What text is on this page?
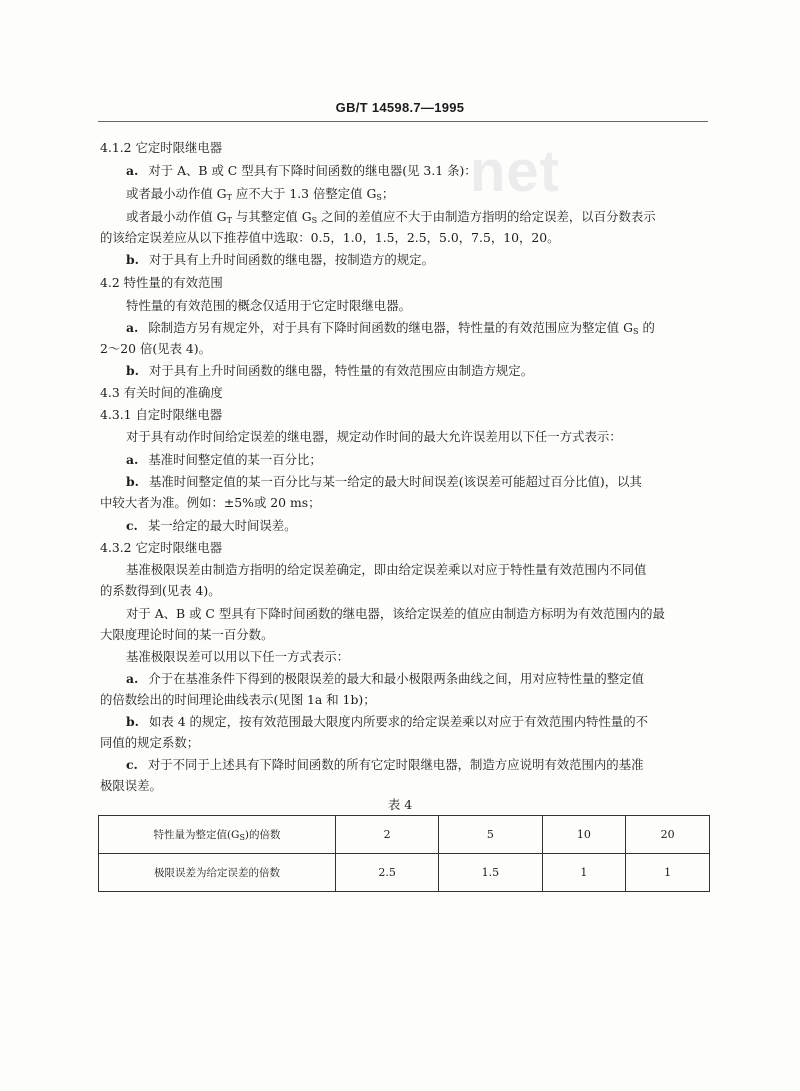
net
GB/T 14598.7—1995
4.1.2 它定时限继电器
a. 对于 A、B 或 C 型具有下降时间函数的继电器(见 3.1 条)：
或者最小动作值 $G_T$ 应不大于 1.3 倍整定值 $G_S$；
或者最小动作值 $G_T$ 与其整定值 $G_S$ 之间的差值应不大于由制造方指明的给定误差，以百分数表示
的该给定误差应从以下推荐值中选取：0.5，1.0，1.5，2.5，5.0，7.5，10，20。
b. 对于具有上升时间函数的继电器，按制造方的规定。
4.2 特性量的有效范围
特性量的有效范围的概念仅适用于它定时限继电器。
a. 除制造方另有规定外，对于具有下降时间函数的继电器，特性量的有效范围应为整定值 $G_S$ 的
2～20 倍(见表 4)。
b. 对于具有上升时间函数的继电器，特性量的有效范围应由制造方规定。
4.3 有关时间的准确度
4.3.1 自定时限继电器
对于具有动作时间给定误差的继电器，规定动作时间的最大允许误差用以下任一方式表示：
a. 基准时间整定值的某一百分比；
b. 基准时间整定值的某一百分比与某一给定的最大时间误差(该误差可能超过百分比值)，以其
中较大者为准。例如：±5%或 20 ms；
c. 某一给定的最大时间误差。
4.3.2 它定时限继电器
基准极限误差由制造方指明的给定误差确定，即由给定误差乘以对应于特性量有效范围内不同值
的系数得到(见表 4)。
对于 A、B 或 C 型具有下降时间函数的继电器，该给定误差的值应由制造方标明为有效范围内的最
大限度理论时间的某一百分数。
基准极限误差可以用以下任一方式表示：
a. 介于在基准条件下得到的极限误差的最大和最小极限两条曲线之间，用对应特性量的整定值
的倍数绘出的时间理论曲线表示(见图 1a 和 1b)；
b. 如表 4 的规定，按有效范围最大限度内所要求的给定误差乘以对应于有效范围内特性量的不
同值的规定系数；
c. 对于不同于上述具有下降时间函数的所有它定时限继电器，制造方应说明有效范围内的基准
极限误差。
表 4
特性量为整定值$(G_S)$的倍数	2	5	10	20
极限误差为给定误差的倍数	2.5	1.5	1	1
